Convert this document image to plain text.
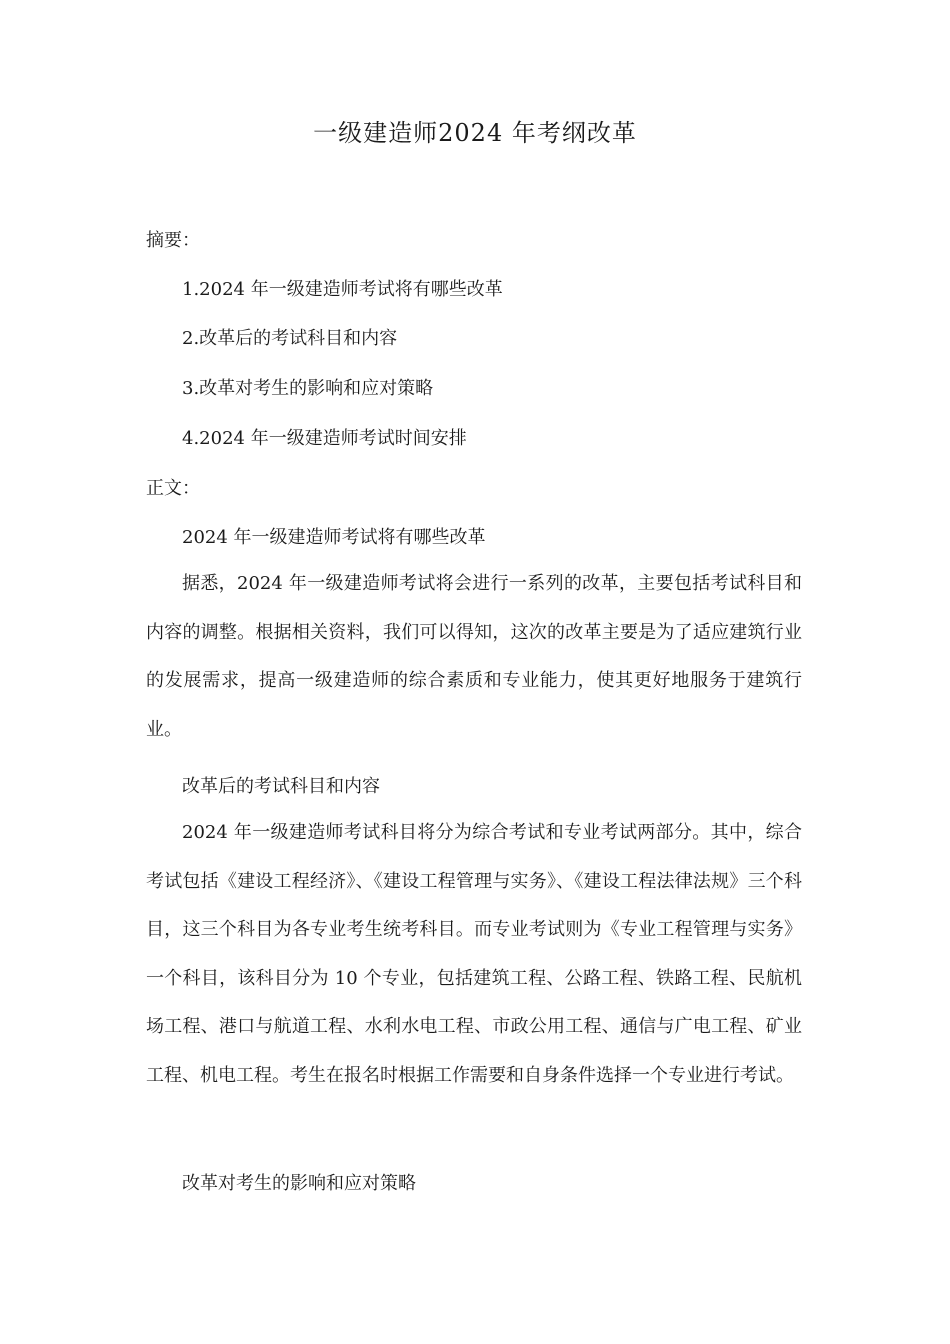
一级建造师2024 年考纲改革

摘要：

1.2024 年一级建造师考试将有哪些改革

2.改革后的考试科目和内容

3.改革对考生的影响和应对策略

4.2024 年一级建造师考试时间安排

正文：

2024 年一级建造师考试将有哪些改革

据悉，2024 年一级建造师考试将会进行一系列的改革，主要包括考试科目和内容的调整。根据相关资料，我们可以得知，这次的改革主要是为了适应建筑行业的发展需求，提高一级建造师的综合素质和专业能力，使其更好地服务于建筑行业。

改革后的考试科目和内容

2024 年一级建造师考试科目将分为综合考试和专业考试两部分。其中，综合考试包括《建设工程经济》、《建设工程管理与实务》、《建设工程法律法规》三个科目，这三个科目为各专业考生统考科目。而专业考试则为《专业工程管理与实务》一个科目，该科目分为 10 个专业，包括建筑工程、公路工程、铁路工程、民航机场工程、港口与航道工程、水利水电工程、市政公用工程、通信与广电工程、矿业工程、机电工程。考生在报名时根据工作需要和自身条件选择一个专业进行考试。

改革对考生的影响和应对策略
